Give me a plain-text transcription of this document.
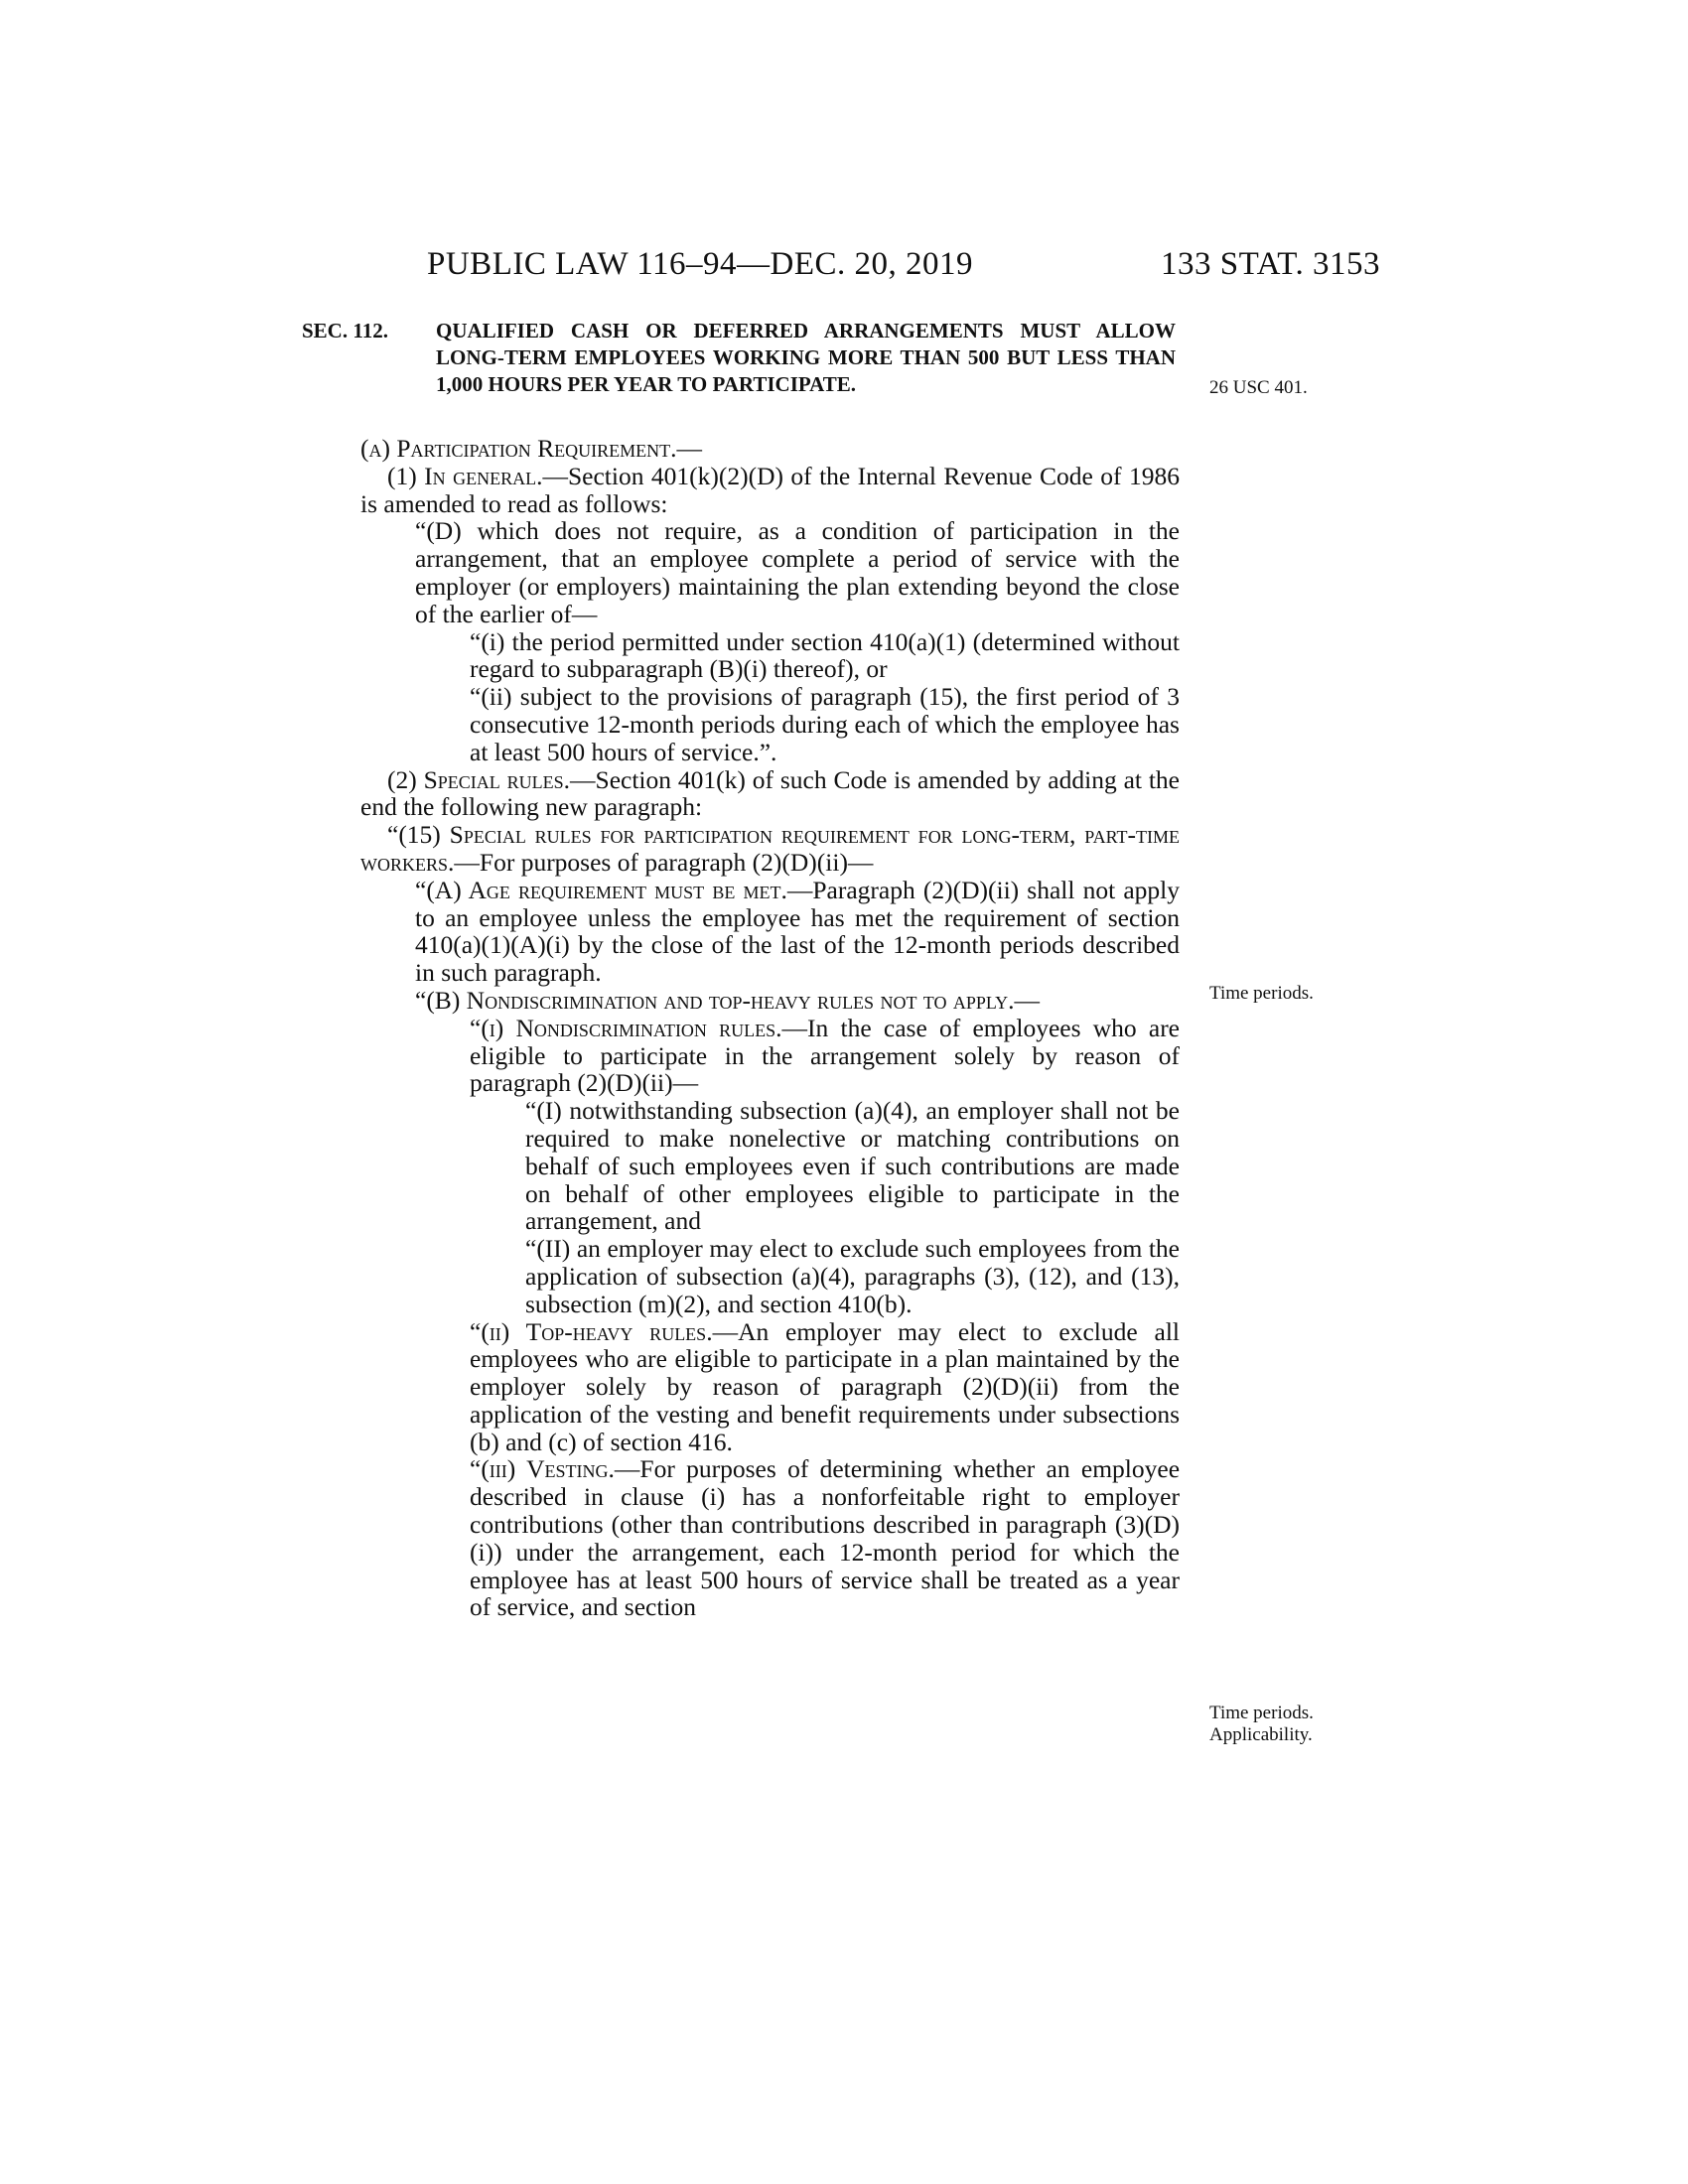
PUBLIC LAW 116–94—DEC. 20, 2019	133 STAT. 3153
SEC. 112. QUALIFIED CASH OR DEFERRED ARRANGEMENTS MUST ALLOW LONG-TERM EMPLOYEES WORKING MORE THAN 500 BUT LESS THAN 1,000 HOURS PER YEAR TO PARTICIPATE.

(a) Participation Requirement.—

(1) In general.—Section 401(k)(2)(D) of the Internal Revenue Code of 1986 is amended to read as follows:

“(D) which does not require, as a condition of participation in the arrangement, that an employee complete a period of service with the employer (or employers) maintaining the plan extending beyond the close of the earlier of—

“(i) the period permitted under section 410(a)(1) (determined without regard to subparagraph (B)(i) thereof), or

“(ii) subject to the provisions of paragraph (15), the first period of 3 consecutive 12-month periods during each of which the employee has at least 500 hours of service.”.

(2) Special rules.—Section 401(k) of such Code is amended by adding at the end the following new paragraph:

“(15) Special rules for participation requirement for long-term, part-time workers.—For purposes of paragraph (2)(D)(ii)—

“(A) Age requirement must be met.—Paragraph (2)(D)(ii) shall not apply to an employee unless the employee has met the requirement of section 410(a)(1)(A)(i) by the close of the last of the 12-month periods described in such paragraph.

“(B) Nondiscrimination and top-heavy rules not to apply.—

“(i) Nondiscrimination rules.—In the case of employees who are eligible to participate in the arrangement solely by reason of paragraph (2)(D)(ii)—

“(I) notwithstanding subsection (a)(4), an employer shall not be required to make nonelective or matching contributions on behalf of such employees even if such contributions are made on behalf of other employees eligible to participate in the arrangement, and

“(II) an employer may elect to exclude such employees from the application of subsection (a)(4), paragraphs (3), (12), and (13), subsection (m)(2), and section 410(b).

“(ii) Top-heavy rules.—An employer may elect to exclude all employees who are eligible to participate in a plan maintained by the employer solely by reason of paragraph (2)(D)(ii) from the application of the vesting and benefit requirements under subsections (b) and (c) of section 416.

“(iii) Vesting.—For purposes of determining whether an employee described in clause (i) has a nonforfeitable right to employer contributions (other than contributions described in paragraph (3)(D)(i)) under the arrangement, each 12-month period for which the employee has at least 500 hours of service shall be treated as a year of service, and section

26 USC 401.
Time periods.
Time periods.
Applicability.
